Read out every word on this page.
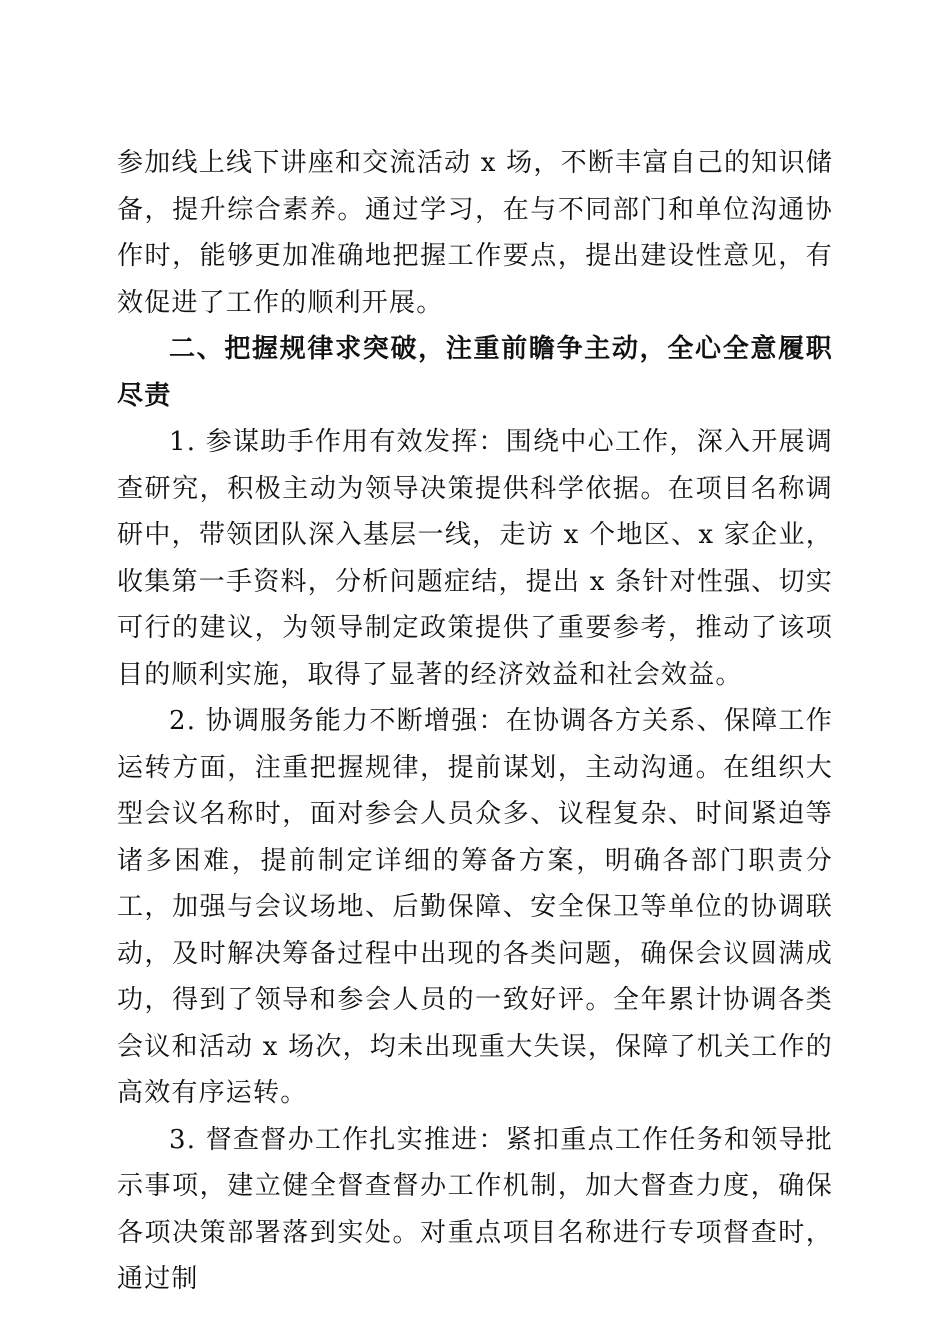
参加线上线下讲座和交流活动 x 场，不断丰富自己的知识储备，提升综合素养。通过学习，在与不同部门和单位沟通协作时，能够更加准确地把握工作要点，提出建设性意见，有效促进了工作的顺利开展。

二、把握规律求突破，注重前瞻争主动，全心全意履职尽责

1. 参谋助手作用有效发挥：围绕中心工作，深入开展调查研究，积极主动为领导决策提供科学依据。在项目名称调研中，带领团队深入基层一线，走访 x 个地区、x 家企业，收集第一手资料，分析问题症结，提出 x 条针对性强、切实可行的建议，为领导制定政策提供了重要参考，推动了该项目的顺利实施，取得了显著的经济效益和社会效益。

2. 协调服务能力不断增强：在协调各方关系、保障工作运转方面，注重把握规律，提前谋划，主动沟通。在组织大型会议名称时，面对参会人员众多、议程复杂、时间紧迫等诸多困难，提前制定详细的筹备方案，明确各部门职责分工，加强与会议场地、后勤保障、安全保卫等单位的协调联动，及时解决筹备过程中出现的各类问题，确保会议圆满成功，得到了领导和参会人员的一致好评。全年累计协调各类会议和活动 x 场次，均未出现重大失误，保障了机关工作的高效有序运转。

3. 督查督办工作扎实推进：紧扣重点工作任务和领导批示事项，建立健全督查督办工作机制，加大督查力度，确保各项决策部署落到实处。对重点项目名称进行专项督查时，通过制
